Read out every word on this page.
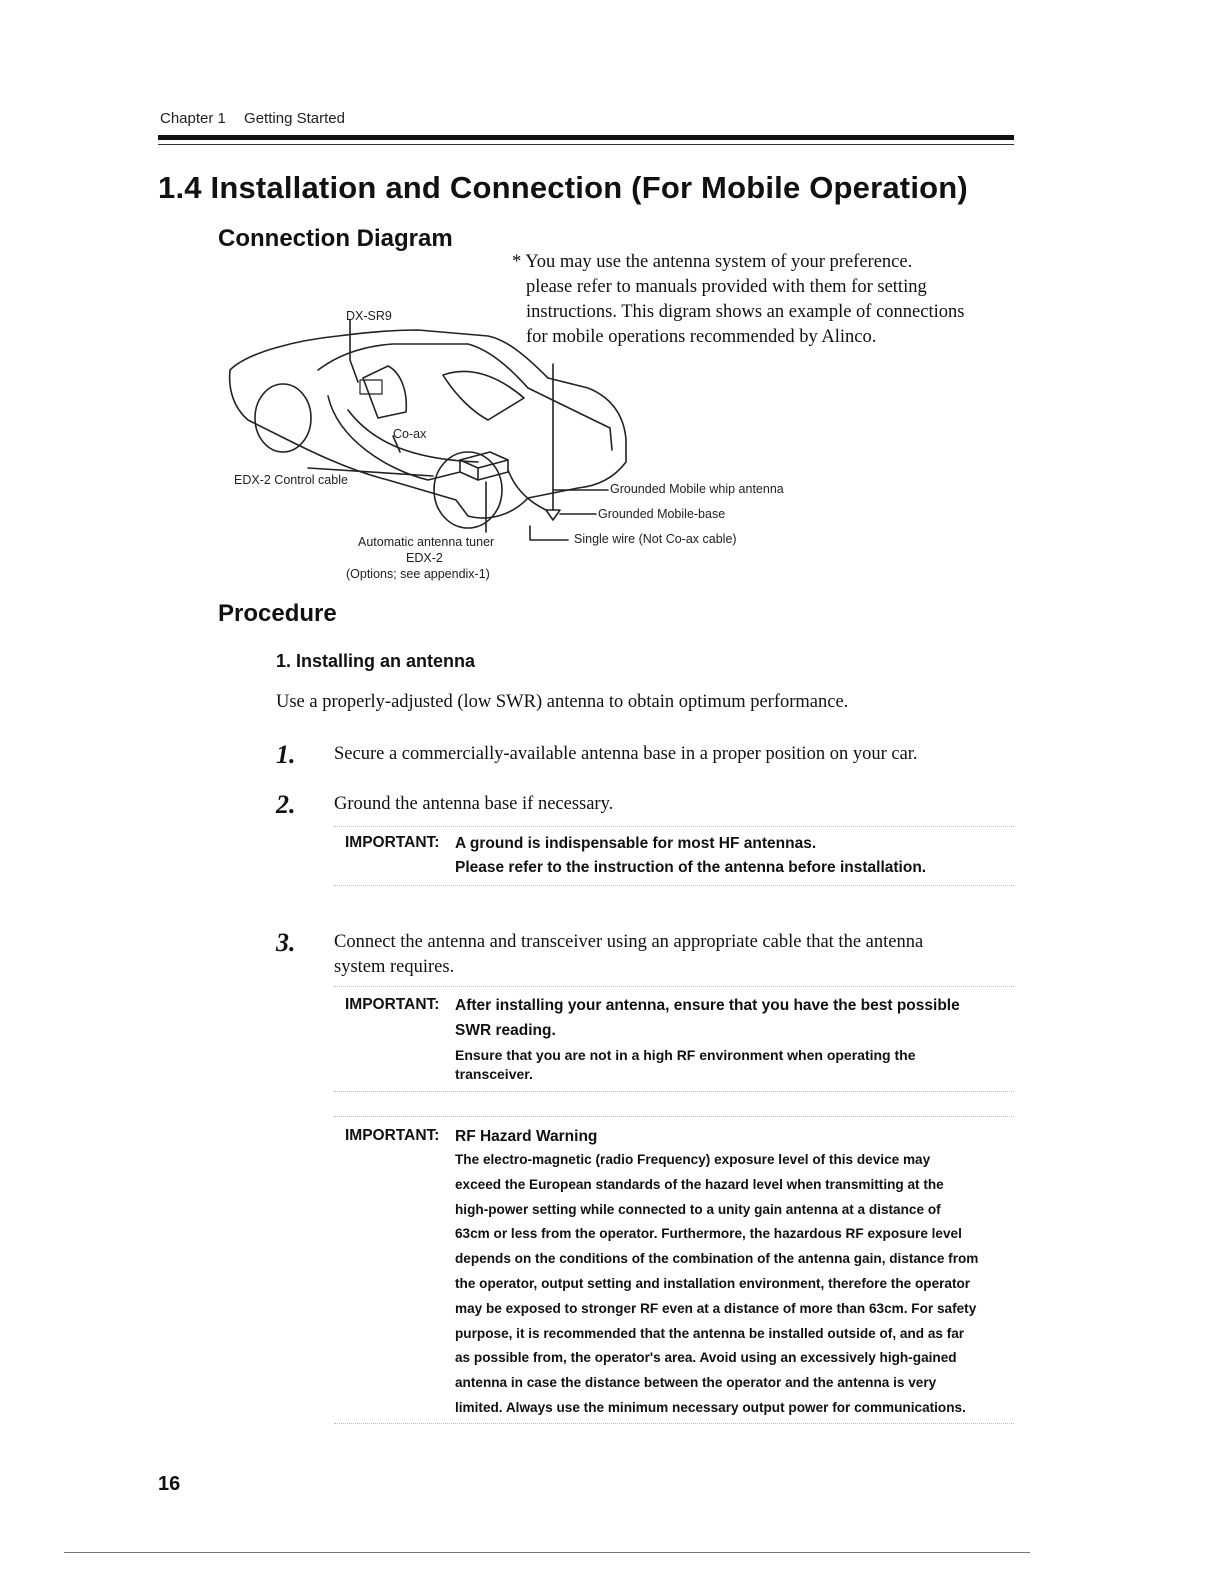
Chapter 1 Getting Started
1.4 Installation and Connection (For Mobile Operation)
Connection Diagram
* You may use the antenna system of your preference.
please refer to manuals provided with them for setting
instructions. This digram shows an example of connections
for mobile operations recommended by Alinco.
DX-SR9
Co-ax
EDX-2 Control cable
Grounded Mobile whip antenna
Grounded Mobile-base
Single wire (Not Co-ax cable)
Automatic antenna tuner
EDX-2
(Options; see appendix-1)
Procedure
1. Installing an antenna
Use a properly-adjusted (low SWR) antenna to obtain optimum performance.
1. Secure a commercially-available antenna base in a proper position on your car.
2. Ground the antenna base if necessary.
IMPORTANT: A ground is indispensable for most HF antennas.
Please refer to the instruction of the antenna before installation.
3. Connect the antenna and transceiver using an appropriate cable that the antenna
system requires.
IMPORTANT: After installing your antenna, ensure that you have the best possible
SWR reading.
Ensure that you are not in a high RF environment when operating the
transceiver.
IMPORTANT: RF Hazard Warning
The electro-magnetic (radio Frequency) exposure level of this device may
exceed the European standards of the hazard level when transmitting at the
high-power setting while connected to a unity gain antenna at a distance of
63cm or less from the operator. Furthermore, the hazardous RF exposure level
depends on the conditions of the combination of the antenna gain, distance from
the operator, output setting and installation environment, therefore the operator
may be exposed to stronger RF even at a distance of more than 63cm. For safety
purpose, it is recommended that the antenna be installed outside of, and as far
as possible from, the operator's area. Avoid using an excessively high-gained
antenna in case the distance between the operator and the antenna is very
limited. Always use the minimum necessary output power for communications.
16
